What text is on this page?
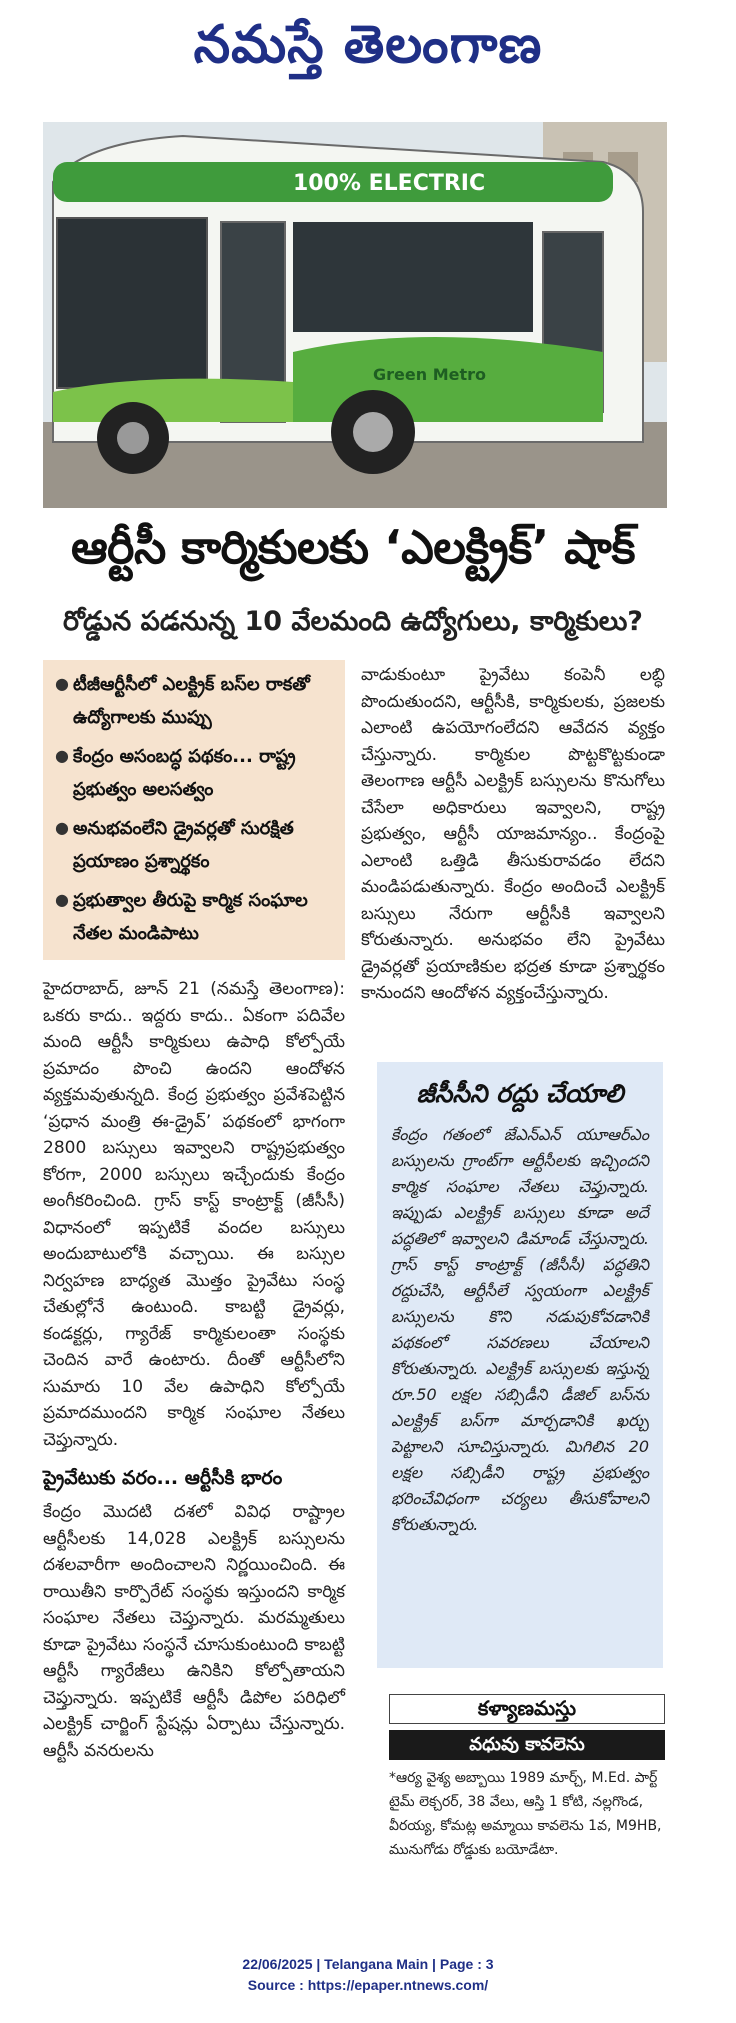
నమస్తే తెలంగాణ
100% ELECTRIC
Green Metro
ఆర్టీసీ కార్మికులకు ‘ఎలక్ట్రిక్’ షాక్
రోడ్డున పడనున్న 10 వేలమంది ఉద్యోగులు, కార్మికులు?
● టీజీఆర్టీసీలో ఎలక్ట్రిక్ బస్‌ల రాకతో ఉద్యోగాలకు ముప్పు
● కేంద్రం అసంబద్ధ పథకం... రాష్ట్ర ప్రభుత్వం అలసత్వం
● అనుభవంలేని డ్రైవర్లతో సురక్షిత ప్రయాణం ప్రశ్నార్థకం
● ప్రభుత్వాల తీరుపై కార్మిక సంఘాల నేతల మండిపాటు

హైదరాబాద్, జూన్ 21 (నమస్తే తెలంగాణ): ఒకరు కాదు.. ఇద్దరు కాదు.. ఏకంగా పదివేల మంది ఆర్టీసీ కార్మికులు ఉపాధి కోల్పోయే ప్రమాదం పొంచి ఉందని ఆందోళన వ్యక్తమవుతున్నది. కేంద్ర ప్రభుత్వం ప్రవేశపెట్టిన ‘ప్రధాన మంత్రి ఈ-డ్రైవ్’ పథకంలో భాగంగా 2800 బస్సులు ఇవ్వాలని రాష్ట్రప్రభుత్వం కోరగా, 2000 బస్సులు ఇచ్చేందుకు కేంద్రం అంగీకరించింది. గ్రాస్ కాస్ట్ కాంట్రాక్ట్ (జీసీసీ) విధానంలో ఇప్పటికే వందల బస్సులు అందుబాటులోకి వచ్చాయి. ఈ బస్సుల నిర్వహణ బాధ్యత మొత్తం ప్రైవేటు సంస్థ చేతుల్లోనే ఉంటుంది. కాబట్టి డ్రైవర్లు, కండక్టర్లు, గ్యారేజ్ కార్మికులంతా సంస్థకు చెందిన వారే ఉంటారు. దీంతో ఆర్టీసీలోని సుమారు 10 వేల ఉపాధిని కోల్పోయే ప్రమాదముందని కార్మిక సంఘాల నేతలు చెప్తున్నారు.

ప్రైవేటుకు వరం... ఆర్టీసీకి భారం

కేంద్రం మొదటి దశలో వివిధ రాష్ట్రాల ఆర్టీసీలకు 14,028 ఎలక్ట్రిక్ బస్సులను దశలవారీగా అందించాలని నిర్ణయించింది. ఈ రాయితీని కార్పొరేట్ సంస్థకు ఇస్తుందని కార్మిక సంఘాల నేతలు చెప్తున్నారు. మరమ్మతులు కూడా ప్రైవేటు సంస్థనే చూసుకుంటుంది కాబట్టి ఆర్టీసీ గ్యారేజీలు ఉనికిని కోల్పోతాయని చెప్తున్నారు. ఇప్పటికే ఆర్టీసీ డిపోల పరిధిలో ఎలక్ట్రిక్ చార్జింగ్ స్టేషన్లు ఏర్పాటు చేస్తున్నారు. ఆర్టీసీ వనరులను

వాడుకుంటూ ప్రైవేటు కంపెనీ లబ్ధి పొందుతుందని, ఆర్టీసీకి, కార్మికులకు, ప్రజలకు ఎలాంటి ఉపయోగంలేదని ఆవేదన వ్యక్తం చేస్తున్నారు. కార్మికుల పొట్టకొట్టకుండా తెలంగాణ ఆర్టీసీ ఎలక్ట్రిక్ బస్సులను కొనుగోలు చేసేలా అధికారులు ఇవ్వాలని, రాష్ట్ర ప్రభుత్వం, ఆర్టీసీ యాజమాన్యం.. కేంద్రంపై ఎలాంటి ఒత్తిడి తీసుకురావడం లేదని మండిపడుతున్నారు. కేంద్రం అందించే ఎలక్ట్రిక్ బస్సులు నేరుగా ఆర్టీసీకి ఇవ్వాలని కోరుతున్నారు. అనుభవం లేని ప్రైవేటు డ్రైవర్లతో ప్రయాణికుల భద్రత కూడా ప్రశ్నార్థకం కానుందని ఆందోళన వ్యక్తంచేస్తున్నారు.

జీసీసీని రద్దు చేయాలి

కేంద్రం గతంలో జేఎన్ఎన్ యూఆర్ఎం బస్సులను గ్రాంట్‌గా ఆర్టీసీలకు ఇచ్చిందని కార్మిక సంఘాల నేతలు చెప్తున్నారు. ఇప్పుడు ఎలక్ట్రిక్ బస్సులు కూడా అదే పద్ధతిలో ఇవ్వాలని డిమాండ్ చేస్తున్నారు. గ్రాస్ కాస్ట్ కాంట్రాక్ట్ (జీసీసీ) పద్ధతిని రద్దుచేసి, ఆర్టీసీలే స్వయంగా ఎలక్ట్రిక్ బస్సులను కొని నడుపుకోవడానికి పథకంలో సవరణలు చేయాలని కోరుతున్నారు. ఎలక్ట్రిక్ బస్సులకు ఇస్తున్న రూ.50 లక్షల సబ్సిడీని డీజిల్ బస్‌ను ఎలక్ట్రిక్ బస్‌గా మార్చడానికి ఖర్చు పెట్టాలని సూచిస్తున్నారు. మిగిలిన 20 లక్షల సబ్సిడీని రాష్ట్ర ప్రభుత్వం భరించేవిధంగా చర్యలు తీసుకోవాలని కోరుతున్నారు.

కళ్యాణమస్తు
వధువు కావలెను
*ఆర్య వైశ్య అబ్బాయి 1989 మార్చ్, M.Ed. పార్ట్ టైమ్ లెక్చరర్, 38 వేలు, ఆస్తి 1 కోటి, నల్లగొండ, వీరయ్య, కోమట్ల అమ్మాయి కావలెను 1వ, M9HB, మునుగోడు రోడ్డుకు బయోడేటా.
22/06/2025 | Telangana Main | Page : 3
Source : https://epaper.ntnews.com/
